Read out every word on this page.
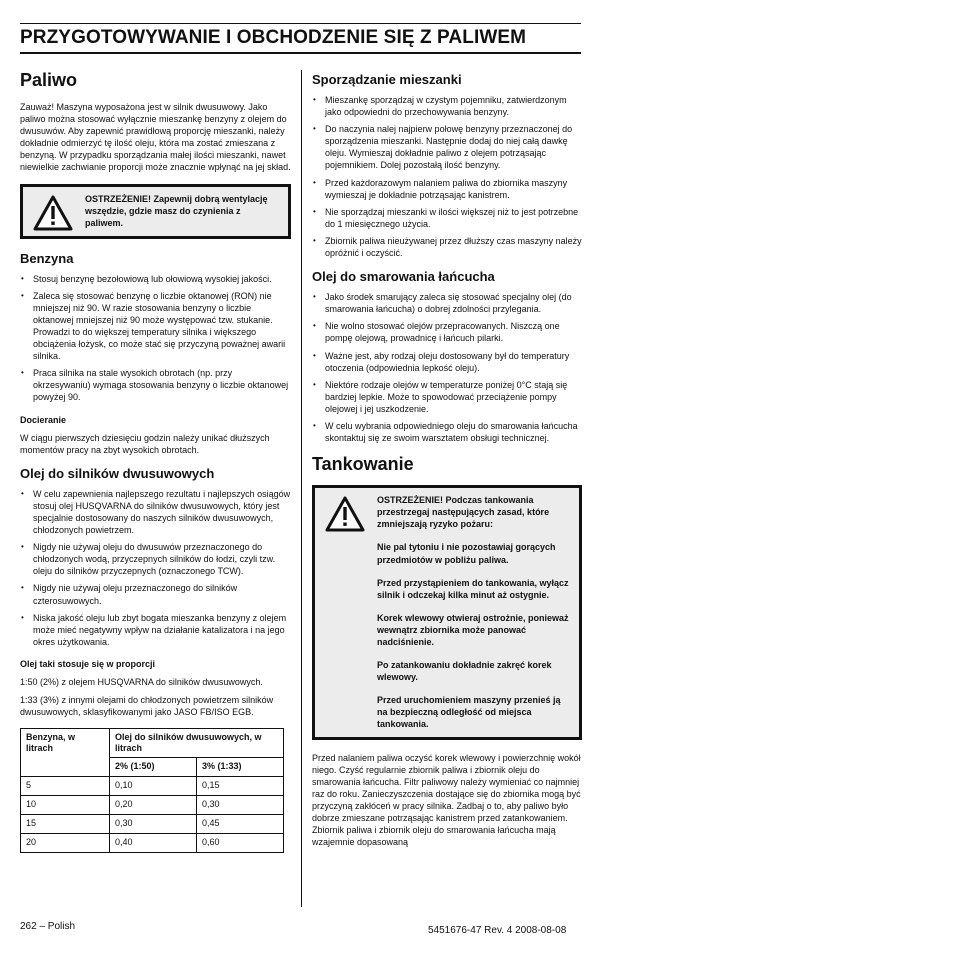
PRZYGOTOWYWANIE I OBCHODZENIE SIĘ Z PALIWEM
Paliwo

Zauważ! Maszyna wyposażona jest w silnik dwusuwowy. Jako paliwo można stosować wyłącznie mieszankę benzyny z olejem do dwusuwów. Aby zapewnić prawidłową proporcję mieszanki, należy dokładnie odmierzyć tę ilość oleju, która ma zostać zmieszana z benzyną. W przypadku sporządzania małej ilości mieszanki, nawet niewielkie zachwianie proporcji może znacznie wpłynąć na jej skład.

OSTRZEŻENIE! Zapewnij dobrą wentylację wszędzie, gdzie masz do czynienia z paliwem.

Benzyna
• Stosuj benzynę bezołowiową lub ołowiową wysokiej jakości.
• Zaleca się stosować benzynę o liczbie oktanowej (RON) nie mniejszej niż 90. W razie stosowania benzyny o liczbie oktanowej mniejszej niż 90 może występować tzw. stukanie. Prowadzi to do większej temperatury silnika i większego obciążenia łożysk, co może stać się przyczyną poważnej awarii silnika.
• Praca silnika na stale wysokich obrotach (np. przy okrzesywaniu) wymaga stosowania benzyny o liczbie oktanowej powyżej 90.

Docieranie

W ciągu pierwszych dziesięciu godzin należy unikać dłuższych momentów pracy na zbyt wysokich obrotach.

Olej do silników dwusuwowych
• W celu zapewnienia najlepszego rezultatu i najlepszych osiągów stosuj olej HUSQVARNA do silników dwusuwowych, który jest specjalnie dostosowany do naszych silników dwusuwowych, chłodzonych powietrzem.
• Nigdy nie używaj oleju do dwusuwów przeznaczonego do chłodzonych wodą, przyczepnych silników do łodzi, czyli tzw. oleju do silników przyczepnych (oznaczonego TCW).
• Nigdy nie używaj oleju przeznaczonego do silników czterosuwowych.
• Niska jakość oleju lub zbyt bogata mieszanka benzyny z olejem może mieć negatywny wpływ na działanie katalizatora i na jego okres użytkowania.

Olej taki stosuje się w proporcji

1:50 (2%) z olejem HUSQVARNA do silników dwusuwowych.

1:33 (3%) z innymi olejami do chłodzonych powietrzem silników dwusuwowych, sklasyfikowanymi jako JASO FB/ISO EGB.

Benzyna, w litrach	Olej do silników dwusuwowych, w litrach	
	2% (1:50)	3% (1:33)
5	0,10	0,15
10	0,20	0,30
15	0,30	0,45
20	0,40	0,60
Sporządzanie mieszanki
• Mieszankę sporządzaj w czystym pojemniku, zatwierdzonym jako odpowiedni do przechowywania benzyny.
• Do naczynia nalej najpierw połowę benzyny przeznaczonej do sporządzenia mieszanki. Następnie dodaj do niej całą dawkę oleju. Wymieszaj dokładnie paliwo z olejem potrząsając pojemnikiem. Dolej pozostałą ilość benzyny.
• Przed każdorazowym nalaniem paliwa do zbiornika maszyny wymieszaj je dokładnie potrząsając kanistrem.
• Nie sporządzaj mieszanki w ilości większej niż to jest potrzebne do 1 miesięcznego użycia.
• Zbiornik paliwa nieużywanej przez dłuższy czas maszyny należy opróżnić i oczyścić.
Olej do smarowania łańcucha
• Jako środek smarujący zaleca się stosować specjalny olej (do smarowania łańcucha) o dobrej zdolności przylegania.
• Nie wolno stosować olejów przepracowanych. Niszczą one pompę olejową, prowadnicę i łańcuch pilarki.
• Ważne jest, aby rodzaj oleju dostosowany był do temperatury otoczenia (odpowiednia lepkość oleju).
• Niektóre rodzaje olejów w temperaturze poniżej 0°C stają się bardziej lepkie. Może to spowodować przeciążenie pompy olejowej i jej uszkodzenie.
• W celu wybrania odpowiedniego oleju do smarowania łańcucha skontaktuj się ze swoim warsztatem obsługi technicznej.
Tankowanie

OSTRZEŻENIE! Podczas tankowania przestrzegaj następujących zasad, które zmniejszają ryzyko pożaru:

Nie pal tytoniu i nie pozostawiaj gorących przedmiotów w pobliżu paliwa.

Przed przystąpieniem do tankowania, wyłącz silnik i odczekaj kilka minut aż ostygnie.

Korek wlewowy otwieraj ostrożnie, ponieważ wewnątrz zbiornika może panować nadciśnienie.

Po zatankowaniu dokładnie zakręć korek wlewowy.

Przed uruchomieniem maszyny przenieś ją na bezpieczną odległość od miejsca tankowania.

Przed nalaniem paliwa oczyść korek wlewowy i powierzchnię wokół niego. Czyść regularnie zbiornik paliwa i zbiornik oleju do smarowania łańcucha. Filtr paliwowy należy wymieniać co najmniej raz do roku. Zanieczyszczenia dostające się do zbiornika mogą być przyczyną zakłóceń w pracy silnika. Zadbaj o to, aby paliwo było dobrze zmieszane potrząsając kanistrem przed zatankowaniem. Zbiornik paliwa i zbiornik oleju do smarowania łańcucha mają wzajemnie dopasowaną

262 – Polish	5451676-47 Rev. 4 2008-08-08
